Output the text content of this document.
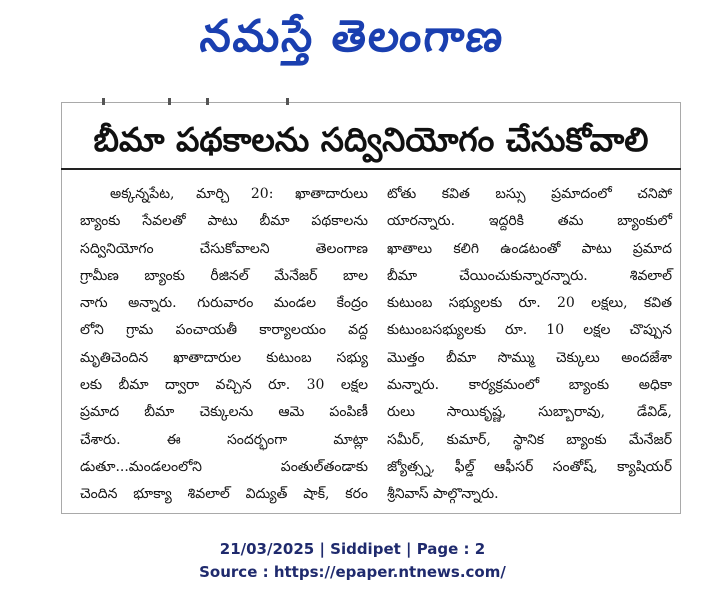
నమస్తే తెలంగాణ
బీమా పథకాలను సద్వినియోగం చేసుకోవాలి

అక్కన్నపేట, మార్చి 20: ఖాతాదారులు

బ్యాంకు సేవలతో పాటు బీమా పథకాలను

సద్వినియోగం చేసుకోవాలని తెలంగాణ

గ్రామీణ బ్యాంకు రీజినల్ మేనేజర్ బాల

నాగు అన్నారు. గురువారం మండల కేంద్రం

లోని గ్రామ పంచాయతీ కార్యాలయం వద్ద

మృతిచెందిన ఖాతాదారుల కుటుంబ సభ్యు

లకు బీమా ద్వారా వచ్చిన రూ. 30 లక్షల

ప్రమాద బీమా చెక్కులను ఆమె పంపిణీ

చేశారు. ఈ సందర్భంగా మాట్లా

డుతూ...మండలంలోని పంతుల్‌తండాకు

చెందిన భూక్యా శివలాల్ విద్యుత్ షాక్, కరం

టోతు కవిత బస్సు ప్రమాదంలో చనిపో

యారన్నారు. ఇద్దరికి తమ బ్యాంకులో

ఖాతాలు కలిగి ఉండటంతో పాటు ప్రమాద

బీమా చేయించుకున్నారన్నారు. శివలాల్

కుటుంబ సభ్యులకు రూ. 20 లక్షలు, కవిత

కుటుంబసభ్యులకు రూ. 10 లక్షల చొప్పున

మొత్తం బీమా సొమ్ము చెక్కులు అందజేశా

మన్నారు. కార్యక్రమంలో బ్యాంకు అధికా

రులు సాయికృష్ణ, సుబ్బారావు, డేవిడ్,

సమీర్, కుమార్, స్థానిక బ్యాంకు మేనేజర్

జ్యోత్స్న, ఫీల్డ్ ఆఫీసర్ సంతోష్, క్యాషియర్

శ్రీనివాస్ పాల్గొన్నారు.

21/03/2025 | Siddipet | Page : 2
Source : https://epaper.ntnews.com/
